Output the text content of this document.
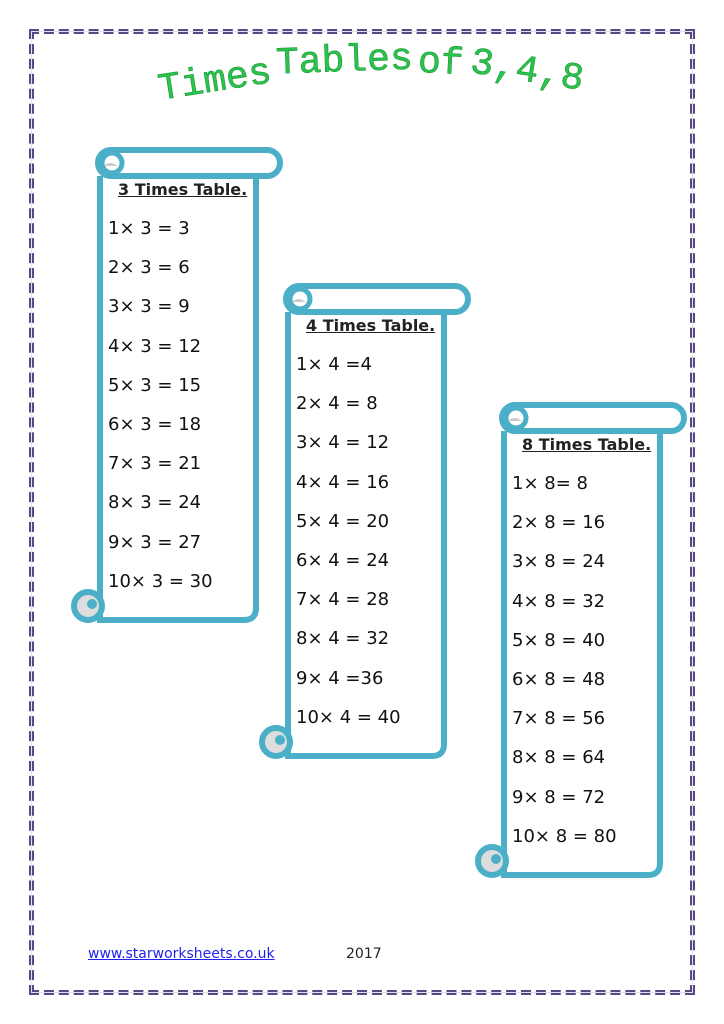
Times Tables of 3,4,8
3 Times Table.
1× 3 = 3
2× 3 = 6
3× 3 = 9
4× 3 = 12
5× 3 = 15
6× 3 = 18
7× 3 = 21
8× 3 = 24
9× 3 = 27
10× 3 = 30
4 Times Table.
1× 4 =4
2× 4 = 8
3× 4 = 12
4× 4 = 16
5× 4 = 20
6× 4 = 24
7× 4 = 28
8× 4 = 32
9× 4 =36
10× 4 = 40
8 Times Table.
1× 8= 8
2× 8 = 16
3× 8 = 24
4× 8 = 32
5× 8 = 40
6× 8 = 48
7× 8 = 56
8× 8 = 64
9× 8 = 72
10× 8 = 80
www.starworksheets.co.uk	2017
